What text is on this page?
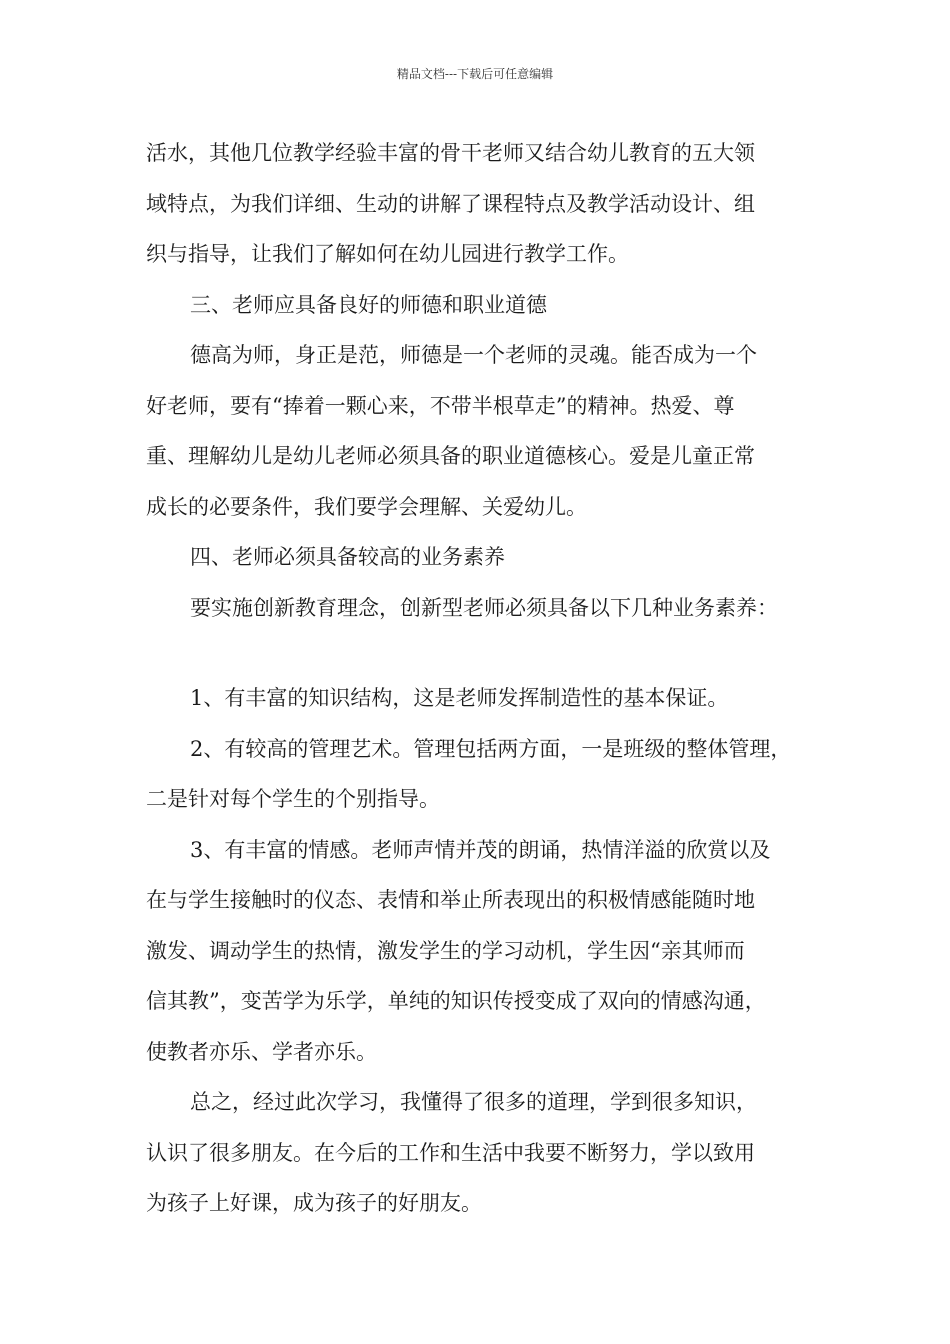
精品文档---下载后可任意编辑
活水，其他几位教学经验丰富的骨干老师又结合幼儿教育的五大领
域特点，为我们详细、生动的讲解了课程特点及教学活动设计、组
织与指导，让我们了解如何在幼儿园进行教学工作。
三、老师应具备良好的师德和职业道德
德高为师，身正是范，师德是一个老师的灵魂。能否成为一个
好老师，要有“捧着一颗心来，不带半根草走”的精神。热爱、尊
重、理解幼儿是幼儿老师必须具备的职业道德核心。爱是儿童正常
成长的必要条件，我们要学会理解、关爱幼儿。
四、老师必须具备较高的业务素养
要实施创新教育理念，创新型老师必须具备以下几种业务素养：
1、有丰富的知识结构，这是老师发挥制造性的基本保证。
2、有较高的管理艺术。管理包括两方面，一是班级的整体管理，
二是针对每个学生的个别指导。
3、有丰富的情感。老师声情并茂的朗诵，热情洋溢的欣赏以及
在与学生接触时的仪态、表情和举止所表现出的积极情感能随时地
激发、调动学生的热情，激发学生的学习动机，学生因“亲其师而
信其教”，变苦学为乐学，单纯的知识传授变成了双向的情感沟通，
使教者亦乐、学者亦乐。
总之，经过此次学习，我懂得了很多的道理，学到很多知识，
认识了很多朋友。在今后的工作和生活中我要不断努力，学以致用
为孩子上好课，成为孩子的好朋友。
